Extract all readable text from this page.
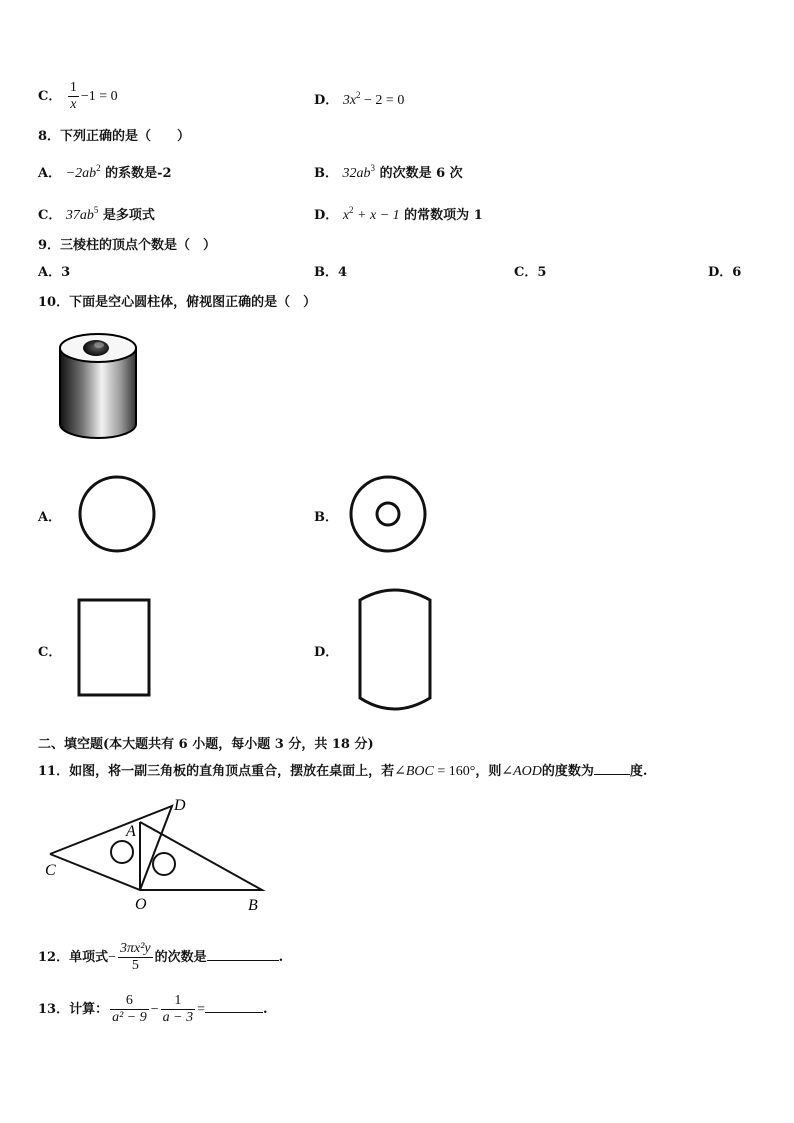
C． $\frac{1}{x} -1 = 0$	D． $3x^2 - 2 = 0$
8．下列正确的是（　　）
A． $-2ab^2$ 的系数是-2	B． $32ab^3$ 的次数是 6 次
C． $37ab^5$ 是多项式	D． $x^2 + x - 1$ 的常数项为 1
9．三棱柱的顶点个数是（　）
A．3	B．4	C．5	D．6
10．下面是空心圆柱体，俯视图正确的是（　）
A．	B．
C．	D．
二、填空题(本大题共有 6 小题，每小题 3 分，共 18 分)
11．如图，将一副三角板的直角顶点重合，摆放在桌面上，若∠BOC = 160°，则∠AOD的度数为	度.
D
A
C
O	B
12．单项式− $\frac{\text{3πx²y}}{5}$ 的次数是	.
13．计算： $\frac{6}{\text{a² − 9}} - \frac{1}{a - 3}$ =	.
